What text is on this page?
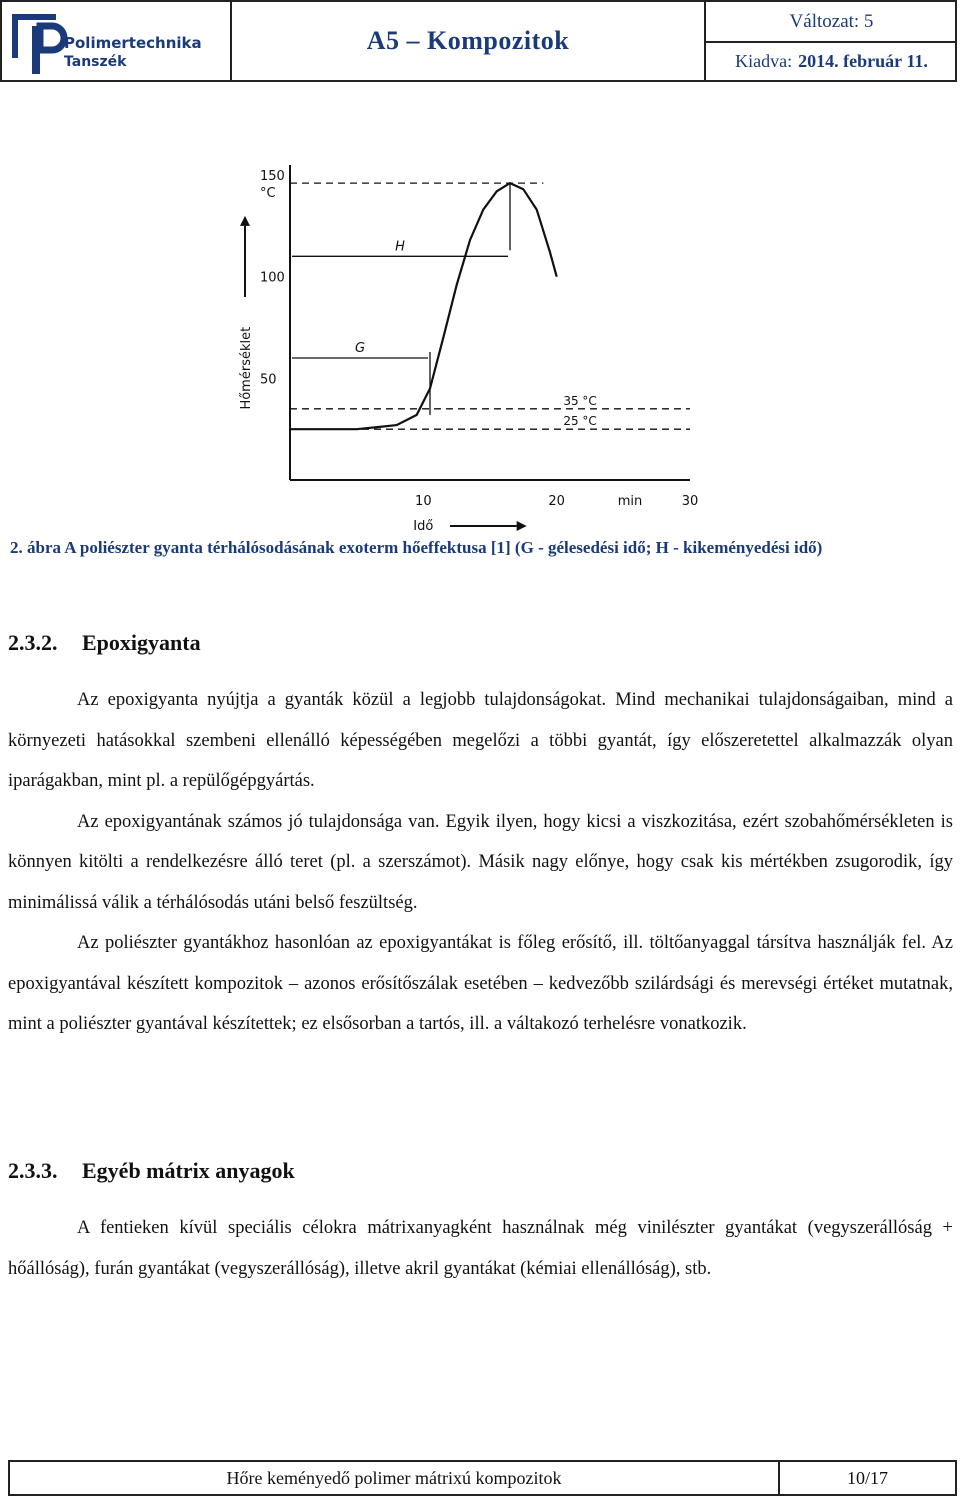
Polimertechnika
Tanszék
A5 – Kompozitok
Változat: 5
Kiadva: 2014. február 11.
150
100
50
°C
10	20	min	30
Idő
Hőmérséklet	35 °C
25 °C
G
H
2. ábra A poliészter gyanta térhálósodásának exoterm hőeffektusa [1] (G - gélesedési idő; H - kikeményedési idő)
2.3.2. Epoxigyanta

Az epoxigyanta nyújtja a gyanták közül a legjobb tulajdonságokat. Mind mechanikai tulajdonságaiban, mind a környezeti hatásokkal szembeni ellenálló képességében megelőzi a többi gyantát, így előszeretettel alkalmazzák olyan iparágakban, mint pl. a repülőgépgyártás.

Az epoxigyantának számos jó tulajdonsága van. Egyik ilyen, hogy kicsi a viszkozitása, ezért szobahőmérsékleten is könnyen kitölti a rendelkezésre álló teret (pl. a szerszámot). Másik nagy előnye, hogy csak kis mértékben zsugorodik, így minimálissá válik a térhálósodás utáni belső feszültség.

Az poliészter gyantákhoz hasonlóan az epoxigyantákat is főleg erősítő, ill. töltőanyaggal társítva használják fel. Az epoxigyantával készített kompozitok – azonos erősítőszálak esetében – kedvezőbb szilárdsági és merevségi értéket mutatnak, mint a poliészter gyantával készítettek; ez elsősorban a tartós, ill. a váltakozó terhelésre vonatkozik.

2.3.3. Egyéb mátrix anyagok

A fentieken kívül speciális célokra mátrixanyagként használnak még vinilészter gyantákat (vegyszerállóság + hőállóság), furán gyantákat (vegyszerállóság), illetve akril gyantákat (kémiai ellenállóság), stb.

Hőre keményedő polimer mátrixú kompozitok	10/17
